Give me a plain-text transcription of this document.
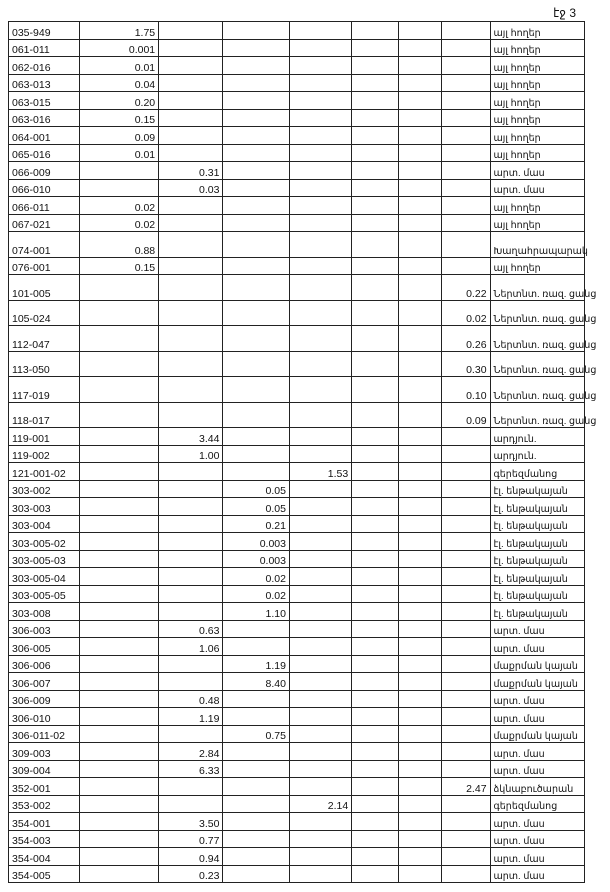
էջ 3
035-949	1.75							այլ հողեր
061-011	0.001							այլ հողեր
062-016	0.01							այլ հողեր
063-013	0.04							այլ հողեր
063-015	0.20							այլ հողեր
063-016	0.15							այլ հողեր
064-001	0.09							այլ հողեր
065-016	0.01							այլ հողեր
066-009		0.31						արտ. մաս
066-010		0.03						արտ. մաս
066-011	0.02							այլ հողեր
067-021	0.02							այլ հողեր
074-001	0.88							Խաղահրապարակ
076-001	0.15							այլ հողեր
101-005							0.22	Ներտնտ. ռազ. ցանց
105-024							0.02	Ներտնտ. ռազ. ցանց
112-047							0.26	Ներտնտ. ռազ. ցանց
113-050							0.30	Ներտնտ. ռազ. ցանց
117-019							0.10	Ներտնտ. ռազ. ցանց
118-017							0.09	Ներտնտ. ռազ. ցանց
119-001		3.44						արդյուն.
119-002		1.00						արդյուն.
121-001-02				1.53				գերեզմանոց
303-002			0.05					էլ. ենթակայան
303-003			0.05					էլ. ենթակայան
303-004			0.21					էլ. ենթակայան
303-005-02			0.003					էլ. ենթակայան
303-005-03			0.003					էլ. ենթակայան
303-005-04			0.02					էլ. ենթակայան
303-005-05			0.02					էլ. ենթակայան
303-008			1.10					էլ. ենթակայան
306-003		0.63						արտ. մաս
306-005		1.06						արտ. մաս
306-006			1.19					մաքրման կայան
306-007			8.40					մաքրման կայան
306-009		0.48						արտ. մաս
306-010		1.19						արտ. մաս
306-011-02			0.75					մաքրման կայան
309-003		2.84						արտ. մաս
309-004		6.33						արտ. մաս
352-001							2.47	ձկնաբուծարան
353-002				2.14				գերեզմանոց
354-001		3.50						արտ. մաս
354-003		0.77						արտ. մաս
354-004		0.94						արտ. մաս
354-005		0.23						արտ. մաս
